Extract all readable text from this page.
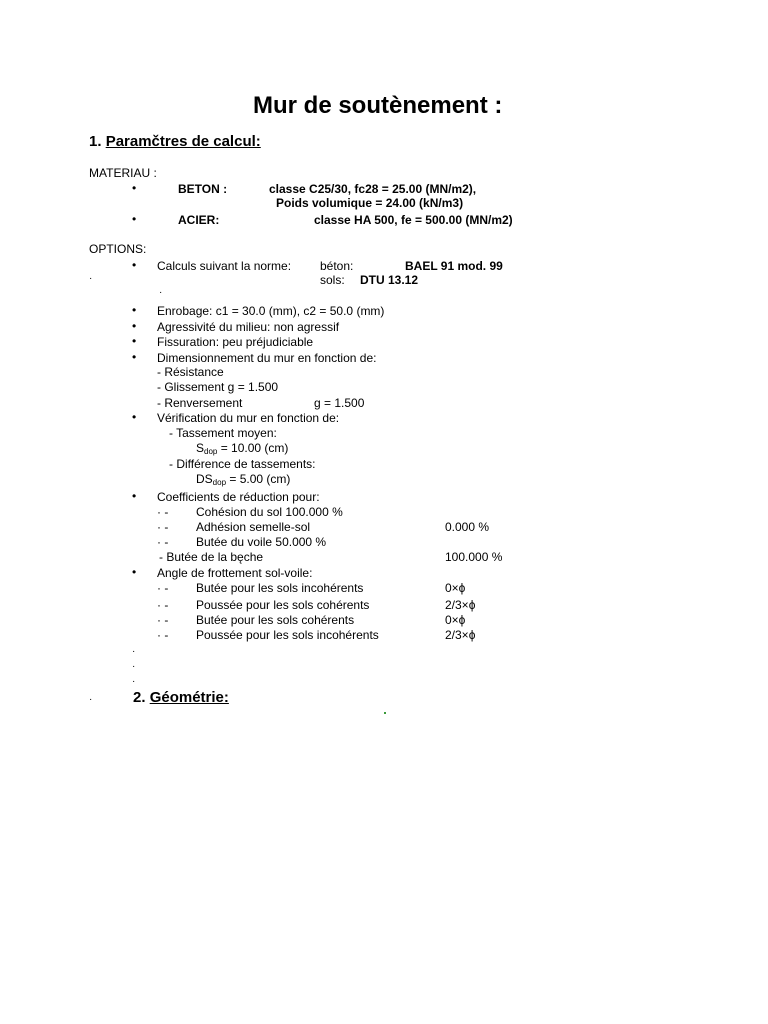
Mur de soutènement :
1. Paramčtres de calcul:
MATERIAU :
•	BETON :	classe C25/30, fc28 = 25.00 (MN/m2),
Poids volumique = 24.00 (kN/m3)
•	ACIER:	classe HA 500, fe = 500.00 (MN/m2)
OPTIONS:
• Calculs suivant la norme: béton:	BAEL 91 mod. 99
·	sols: DTU 13.12
·
• Enrobage: c1 = 30.0 (mm), c2 = 50.0 (mm)
• Agressivité du milieu: non agressif
• Fissuration: peu préjudiciable
• Dimensionnement du mur en fonction de:
- Résistance
- Glissement g = 1.500
- Renversement	g = 1.500
• Vérification du mur en fonction de:
- Tassement moyen:
$S_{dop} = 10.00$ (cm)
- Différence de tassements:
$DS_{dop} = 5.00$ (cm)
• Coefficients de réduction pour:
· - Cohésion du sol 100.000 %
· - Adhésion semelle-sol	0.000 %
· - Butée du voile 50.000 %
- Butée de la bęche	100.000 %
• Angle de frottement sol-voile:
· - Butée pour les sols incohérents	0×ϕ
· - Poussée pour les sols cohérents	2/3×ϕ
· - Butée pour les sols cohérents	0×ϕ
· - Poussée pour les sols incohérents	2/3×ϕ
·
·
·
·	2. Géométrie:
